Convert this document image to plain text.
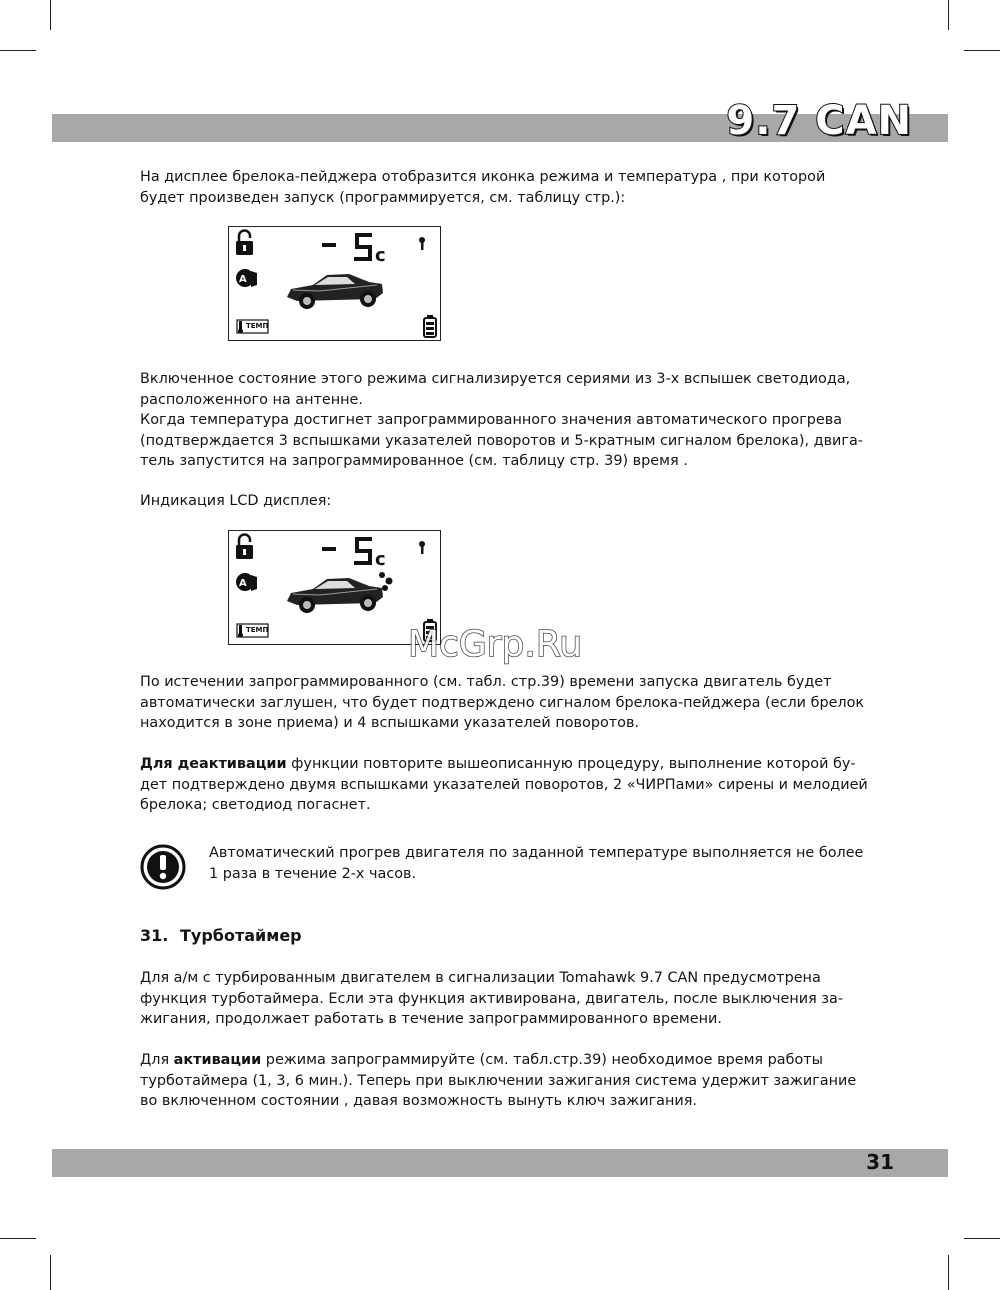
9.7 CAN

На дисплее брелока-пейджера отобразится иконка режима и температура , при которой будет произведен запуск (программируется, см. таблицу стр.):

A
c
ТЕМП

Включенное состояние этого режима сигнализируется сериями из 3-х вспышек светодиода, расположенного на антенне.

Когда температура достигнет запрограммированного значения автоматического прогрева (подтверждается 3 вспышками указателей поворотов и 5-кратным сигналом брелока), двига-тель запустится на запрограммированное (см. таблицу стр. 39) время .

Индикация LCD дисплея:

A
c
ТЕМП	McGrp.Ru

По истечении запрограммированного (см. табл. стр.39) времени запуска двигатель будет автоматически заглушен, что будет подтверждено сигналом брелока-пейджера (если брелок находится в зоне приема) и 4 вспышками указателей поворотов.

Для деактивации функции повторите вышеописанную процедуру, выполнение которой бу-дет подтверждено двумя вспышками указателей поворотов, 2 «ЧИРПами» сирены и мелодией брелока; светодиод погаснет.

Автоматический прогрев двигателя по заданной температуре выполняется не более 1 раза в течение 2-х часов.

31. Турботаймер

Для а/м с турбированным двигателем в сигнализации Tomahawk 9.7 CAN предусмотрена функция турботаймера. Если эта функция активирована, двигатель, после выключения за-жигания, продолжает работать в течение запрограммированного времени.

Для активации режима запрограммируйте (см. табл.стр.39) необходимое время работы турботаймера (1, 3, 6 мин.). Теперь при выключении зажигания система удержит зажигание во включенном состоянии , давая возможность вынуть ключ зажигания.

31
